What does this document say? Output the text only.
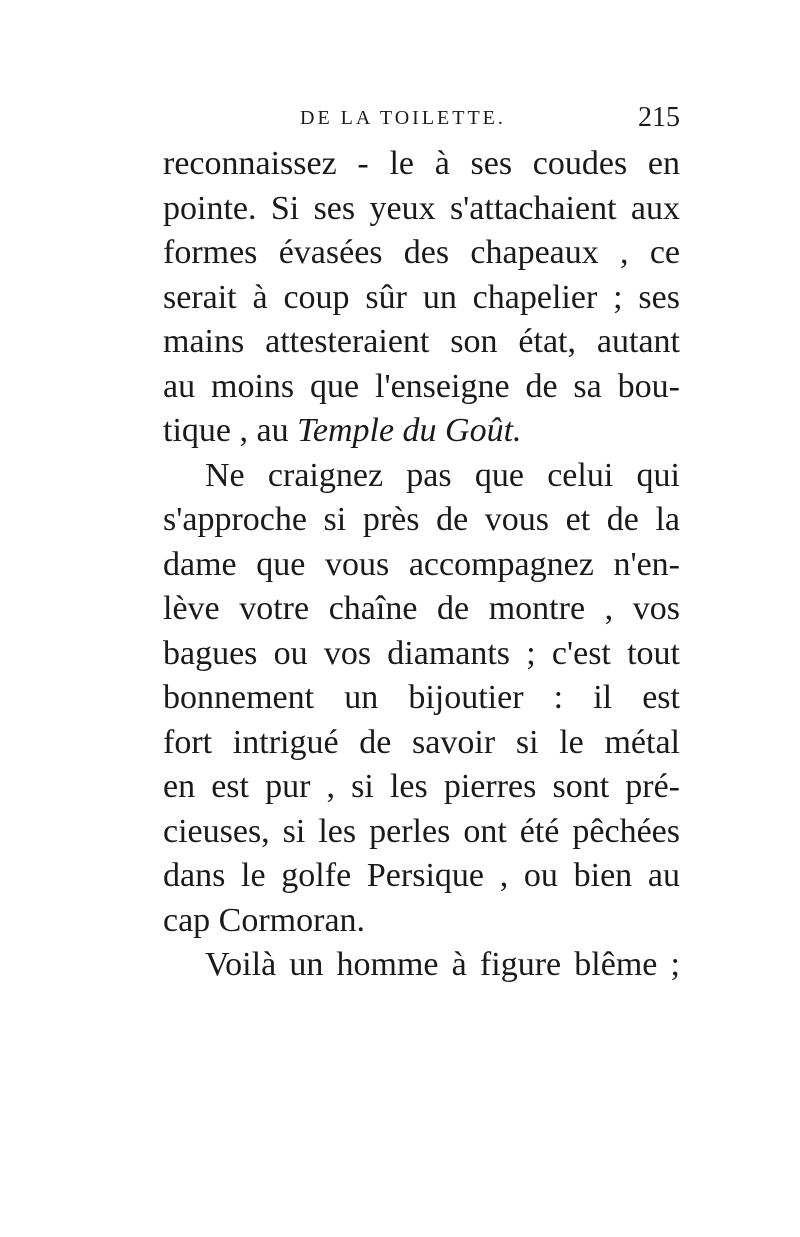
DE LA TOILETTE.	215
reconnaissez - le à ses coudes en
pointe. Si ses yeux s'attachaient aux
formes évasées des chapeaux , ce
serait à coup sûr un chapelier ; ses
mains attesteraient son état, autant
au moins que l'enseigne de sa bou-
tique , au Temple du Goût.
Ne craignez pas que celui qui
s'approche si près de vous et de la
dame que vous accompagnez n'en-
lève votre chaîne de montre , vos
bagues ou vos diamants ; c'est tout
bonnement un bijoutier : il est
fort intrigué de savoir si le métal
en est pur , si les pierres sont pré-
cieuses, si les perles ont été pêchées
dans le golfe Persique , ou bien au
cap Cormoran.
Voilà un homme à figure blême ;
